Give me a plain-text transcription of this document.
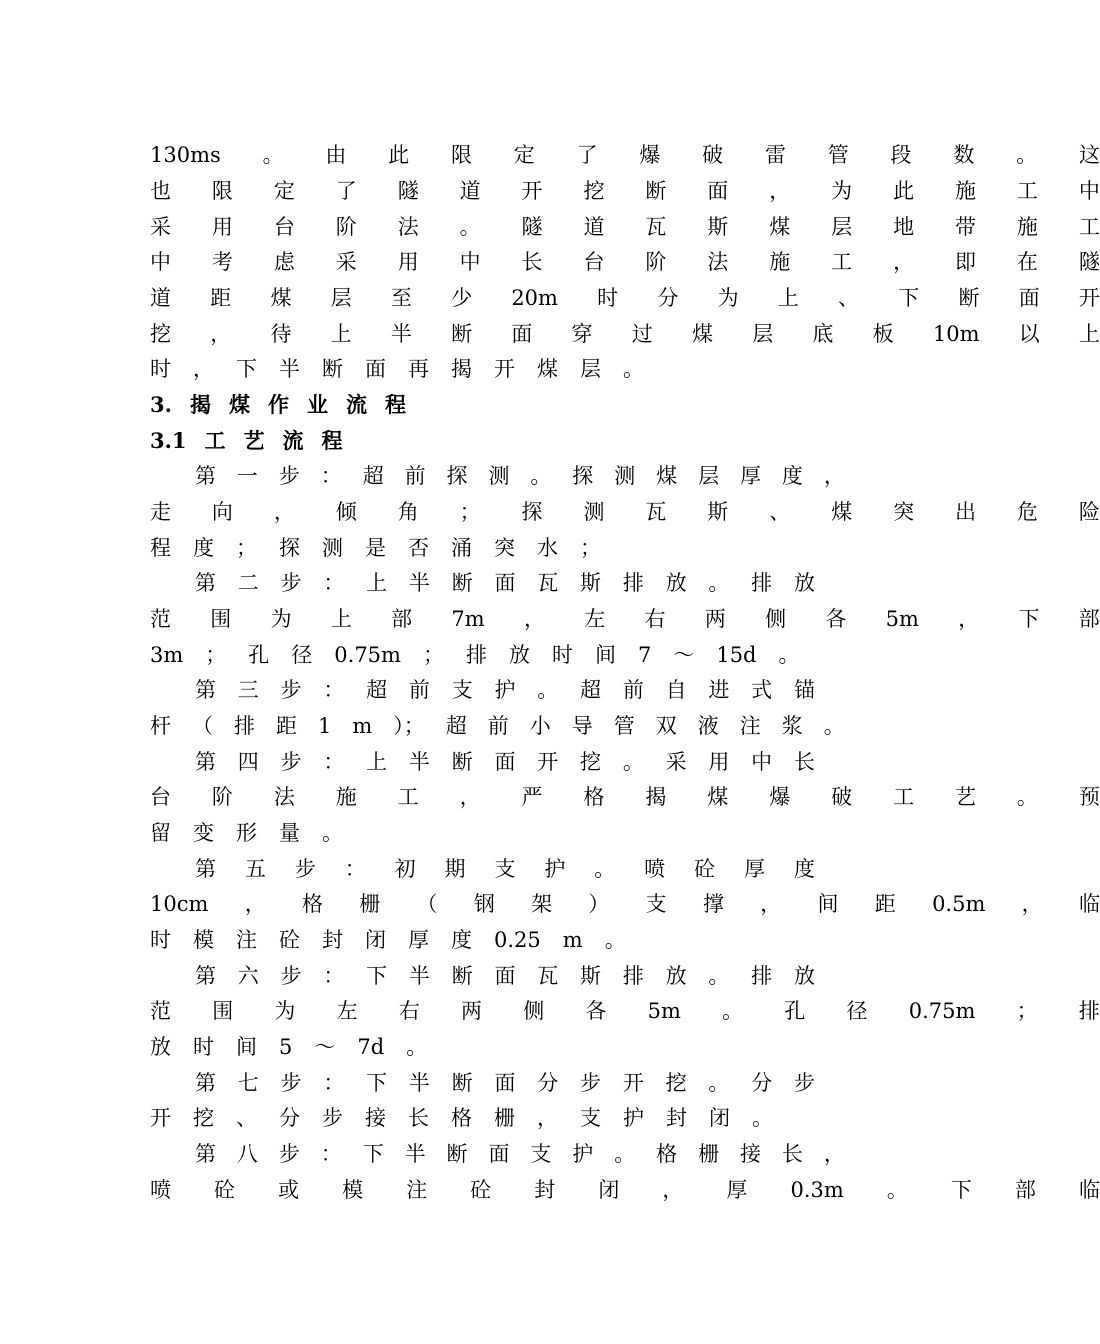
130ms 。 由 此 限 定 了 爆 破 雷 管 段 数 。 这
也 限 定 了 隧 道 开 挖 断 面 ， 为 此 施 工 中
采 用 台 阶 法 。 隧 道 瓦 斯 煤 层 地 带 施 工
中 考 虑 采 用 中 长 台 阶 法 施 工 ， 即 在 隧
道 距 煤 层 至 少 20m 时 分 为 上 、 下 断 面 开
挖 ， 待 上 半 断 面 穿 过 煤 层 底 板 10m 以 上
时 ， 下 半 断 面 再 揭 开 煤 层 。
3. 揭 煤 作 业 流 程
3.1 工 艺 流 程
第 一 步 ： 超 前 探 测 。 探 测 煤 层 厚 度 ，
走 向 ， 倾 角 ； 探 测 瓦 斯 、 煤 突 出 危 险
程 度 ； 探 测 是 否 涌 突 水 ；
第 二 步 ： 上 半 断 面 瓦 斯 排 放 。 排 放
范 围 为 上 部 7m ， 左 右 两 侧 各 5m ， 下 部
3m ； 孔 径 0.75m ； 排 放 时 间 7 ～ 15d 。
第 三 步 ： 超 前 支 护 。 超 前 自 进 式 锚
杆 （ 排 距 1 m ）； 超 前 小 导 管 双 液 注 浆 。
第 四 步 ： 上 半 断 面 开 挖 。 采 用 中 长
台 阶 法 施 工 ， 严 格 揭 煤 爆 破 工 艺 。 预
留 变 形 量 。
第 五 步 ： 初 期 支 护 。 喷 砼 厚 度
10cm ， 格 栅 （ 钢 架 ） 支 撑 ， 间 距 0.5m ， 临
时 模 注 砼 封 闭 厚 度 0.25 m 。
第 六 步 ： 下 半 断 面 瓦 斯 排 放 。 排 放
范 围 为 左 右 两 侧 各 5m 。 孔 径 0.75m ； 排
放 时 间 5 ～ 7d 。
第 七 步 ： 下 半 断 面 分 步 开 挖 。 分 步
开 挖 、 分 步 接 长 格 栅 ， 支 护 封 闭 。
第 八 步 ： 下 半 断 面 支 护 。 格 栅 接 长 ，
喷 砼 或 模 注 砼 封 闭 ， 厚 0.3m 。 下 部 临
